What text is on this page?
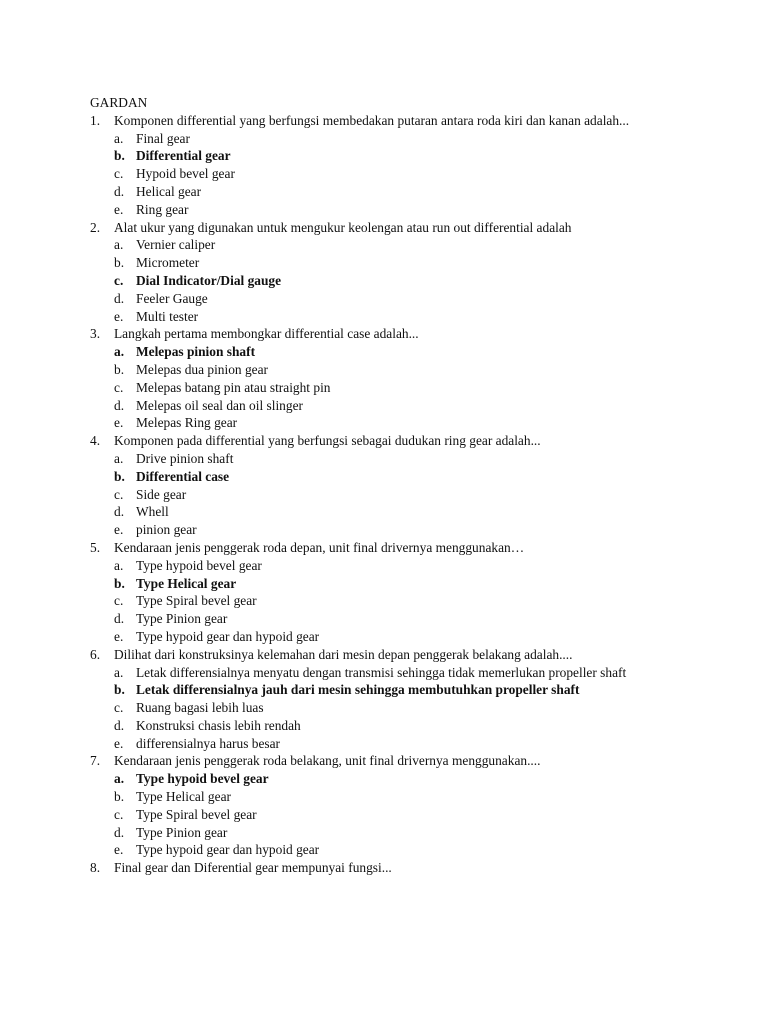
GARDAN
1. Komponen differential yang berfungsi membedakan putaran antara roda kiri dan kanan adalah...
a. Final gear
b. Differential gear
c. Hypoid bevel gear
d. Helical gear
e. Ring gear
2. Alat ukur yang digunakan untuk mengukur keolengan atau run out differential adalah
a. Vernier caliper
b. Micrometer
c. Dial Indicator/Dial gauge
d. Feeler Gauge
e. Multi tester
3. Langkah pertama membongkar differential case adalah...
a. Melepas pinion shaft
b. Melepas dua pinion gear
c. Melepas batang pin atau straight pin
d. Melepas oil seal dan oil slinger
e. Melepas Ring gear
4. Komponen pada differential yang berfungsi sebagai dudukan ring gear adalah...
a. Drive pinion shaft
b. Differential case
c. Side gear
d. Whell
e. pinion gear
5. Kendaraan jenis penggerak roda depan, unit final drivernya menggunakan…
a. Type hypoid bevel gear
b. Type Helical gear
c. Type Spiral bevel gear
d. Type Pinion gear
e. Type hypoid gear dan hypoid gear
6. Dilihat dari konstruksinya kelemahan dari mesin depan penggerak belakang adalah....
a. Letak differensialnya menyatu dengan transmisi sehingga tidak memerlukan propeller shaft
b. Letak differensialnya jauh dari mesin sehingga membutuhkan propeller shaft
c. Ruang bagasi lebih luas
d. Konstruksi chasis lebih rendah
e. differensialnya harus besar
7. Kendaraan jenis penggerak roda belakang, unit final drivernya menggunakan....
a. Type hypoid bevel gear
b. Type Helical gear
c. Type Spiral bevel gear
d. Type Pinion gear
e. Type hypoid gear dan hypoid gear
8. Final gear dan Diferential gear mempunyai fungsi...
